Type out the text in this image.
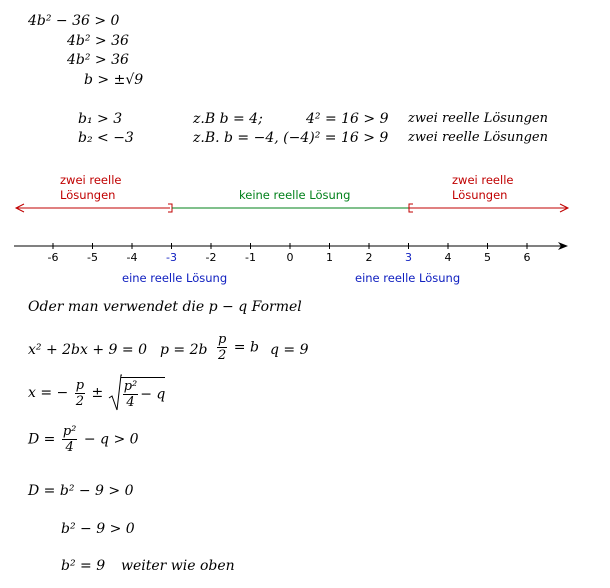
4b² − 36 > 0
4b² > 36
4b² > 36
b > ±√9
b₁ > 3	z.B b = 4;	4² = 16 > 9 zwei reelle Lösungen
b₂ < −3	z.B. b = −4, (−4)² = 16 > 9 zwei reelle Lösungen
zwei reelle
Lösungen	keine reelle Lösung
zwei reelle
Lösungen
-6	-5	-4	-3	-2	-1	0	1	2	3	4	5	6
eine reelle Lösung	eine reelle Lösung
Oder man verwendet die p − q Formel
x² + 2bx + 9 = 0 $p = 2b \frac{p}{2} = b$ q = 9
x = − $\frac{p}{2} \pm \frac{\text{p²}}{4} - q$
$D = \frac{\text{p²}}{4} - q > 0$
D = b² − 9 > 0
b² − 9 > 0
b² = 9 weiter wie oben
